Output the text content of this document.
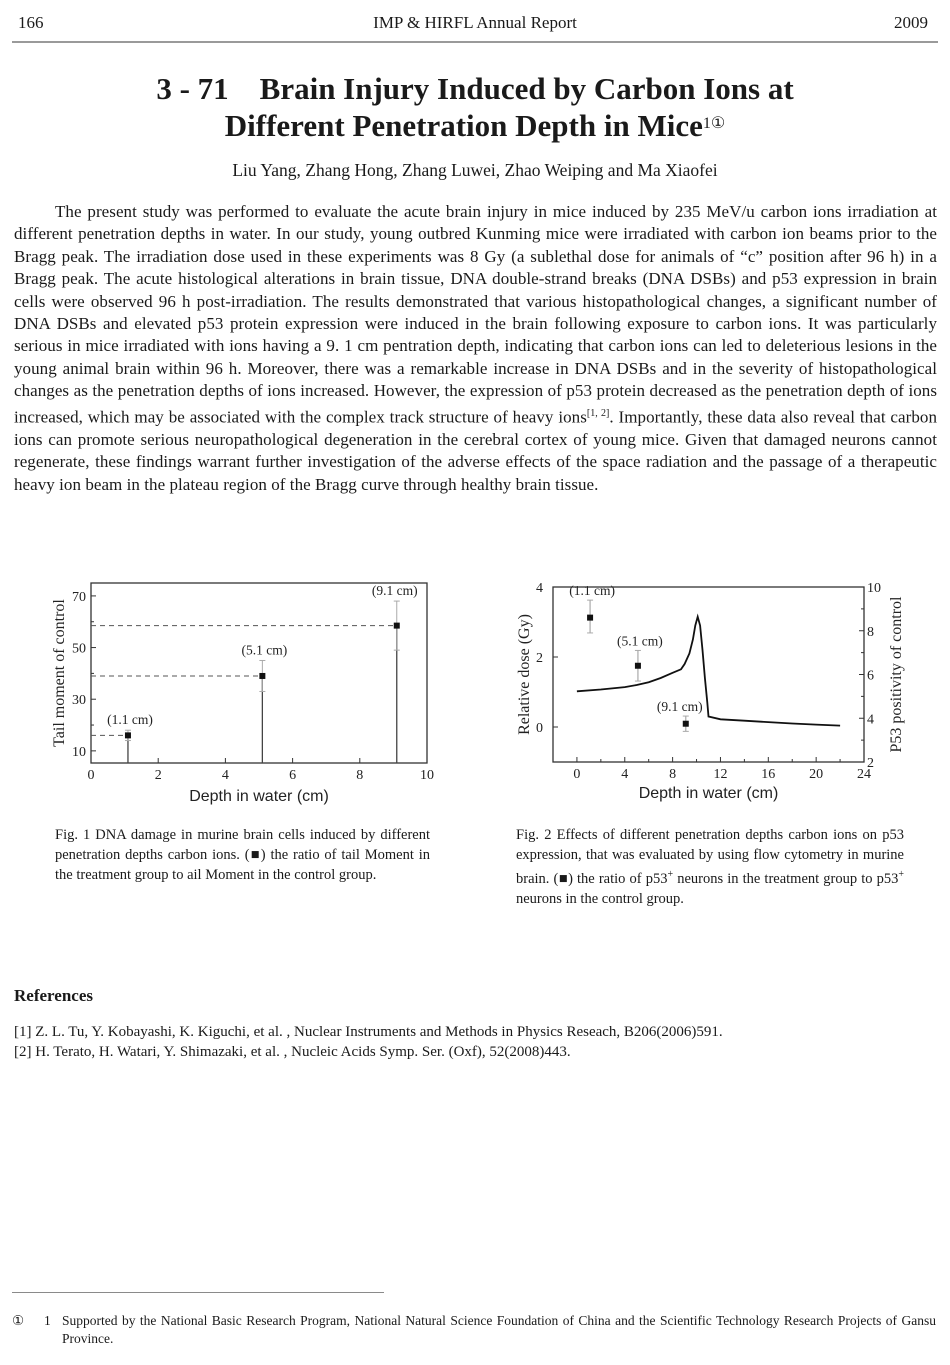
166	IMP & HIRFL Annual Report	2009
3 - 71 Brain Injury Induced by Carbon Ions at
Different Penetration Depth in Mice$^{1①}$
Liu Yang, Zhang Hong, Zhang Luwei, Zhao Weiping and Ma Xiaofei
The present study was performed to evaluate the acute brain injury in mice induced by 235 MeV/u carbon ions irradiation at different penetration depths in water. In our study, young outbred Kunming mice were irradiated with carbon ion beams prior to the Bragg peak. The irradiation dose used in these experiments was 8 Gy (a sublethal dose for animals of “c” position after 96 h) in a Bragg peak. The acute histological alterations in brain tissue, DNA double-strand breaks (DNA DSBs) and p53 expression in brain cells were observed 96 h post-irradiation. The results demonstrated that various histopathological changes, a significant number of DNA DSBs and elevated p53 protein expression were induced in the brain following exposure to carbon ions. It was particularly serious in mice irradiated with ions having a 9. 1 cm pentration depth, indicating that carbon ions can led to deleterious lesions in the young animal brain within 96 h. Moreover, there was a remarkable increase in DNA DSBs and in the severity of histopathological changes as the penetration depths of ions increased. However, the expression of p53 protein decreased as the penetration depth of ions increased, which may be associated with the complex track structure of heavy ions[1, 2]. Importantly, these data also reveal that carbon ions can promote serious neuropathological degeneration in the cerebral cortex of young mice. Given that damaged neurons cannot regenerate, these findings warrant further investigation of the adverse effects of the space radiation and the passage of a therapeutic heavy ion beam in the plateau region of the Bragg curve through healthy brain tissue.
0	2	4	6	8	10
10
30
50
70
Depth in water (cm)
Tail moment of control	(1.1 cm)
(5.1 cm)
(9.1 cm)
0	4	8	12 16 20 24
0
2
4
2
4
6
8
10
Depth in water (cm)
Relative dose (Gy)	P53 positivity of control
(1.1 cm)
(5.1 cm)
(9.1 cm)
Fig. 1 DNA damage in murine brain cells induced by different penetration depths carbon ions. (■) the ratio of tail Moment in the treatment group to ail Moment in the control group.
Fig. 2 Effects of different penetration depths carbon ions on p53 expression, that was evaluated by using flow cytometry in murine brain. (■) the ratio of p53+ neurons in the treatment group to p53+ neurons in the control group.
References
[1] Z. L. Tu, Y. Kobayashi, K. Kiguchi, et al. , Nuclear Instruments and Methods in Physics Reseach, B206(2006)591.
[2] H. Terato, H. Watari, Y. Shimazaki, et al. , Nucleic Acids Symp. Ser. (Oxf), 52(2008)443.
① 1 Supported by the National Basic Research Program, National Natural Science Foundation of China and the Scientific Technology Research Projects of Gansu Province.
